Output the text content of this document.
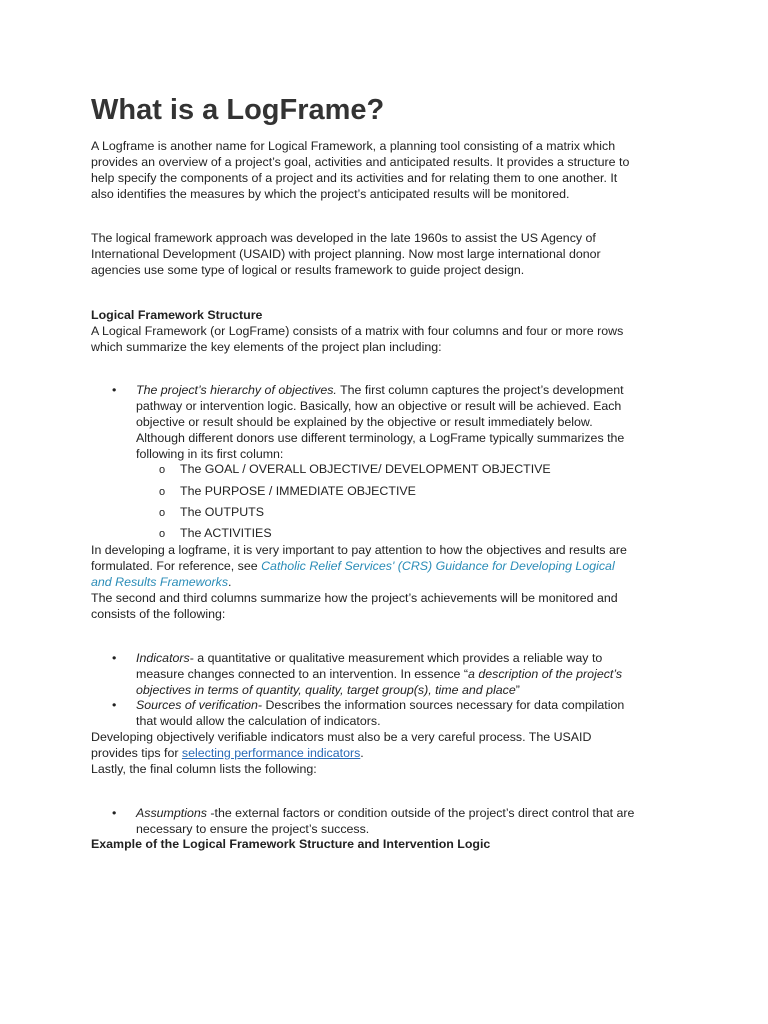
What is a LogFrame?
A Logframe is another name for Logical Framework, a planning tool consisting of a matrix which
provides an overview of a project’s goal, activities and anticipated results. It provides a structure to
help specify the components of a project and its activities and for relating them to one another. It
also identifies the measures by which the project’s anticipated results will be monitored.
The logical framework approach was developed in the late 1960s to assist the US Agency of
International Development (USAID) with project planning. Now most large international donor
agencies use some type of logical or results framework to guide project design.
Logical Framework Structure
A Logical Framework (or LogFrame) consists of a matrix with four columns and four or more rows
which summarize the key elements of the project plan including:
•	The project’s hierarchy of objectives. The first column captures the project’s development
pathway or intervention logic. Basically, how an objective or result will be achieved. Each
objective or result should be explained by the objective or result immediately below.
Although different donors use different terminology, a LogFrame typically summarizes the
following in its first column:
o	The GOAL / OVERALL OBJECTIVE/ DEVELOPMENT OBJECTIVE
o	The PURPOSE / IMMEDIATE OBJECTIVE
o	The OUTPUTS
o	The ACTIVITIES
In developing a logframe, it is very important to pay attention to how the objectives and results are
formulated. For reference, see Catholic Relief Services' (CRS) Guidance for Developing Logical
and Results Frameworks.
The second and third columns summarize how the project’s achievements will be monitored and
consists of the following:
•	Indicators- a quantitative or qualitative measurement which provides a reliable way to
measure changes connected to an intervention. In essence “a description of the project’s
objectives in terms of quantity, quality, target group(s), time and place”
•	Sources of verification- Describes the information sources necessary for data compilation
that would allow the calculation of indicators.
Developing objectively verifiable indicators must also be a very careful process. The USAID
provides tips for selecting performance indicators.
Lastly, the final column lists the following:
•	Assumptions -the external factors or condition outside of the project’s direct control that are
necessary to ensure the project’s success.
Example of the Logical Framework Structure and Intervention Logic
